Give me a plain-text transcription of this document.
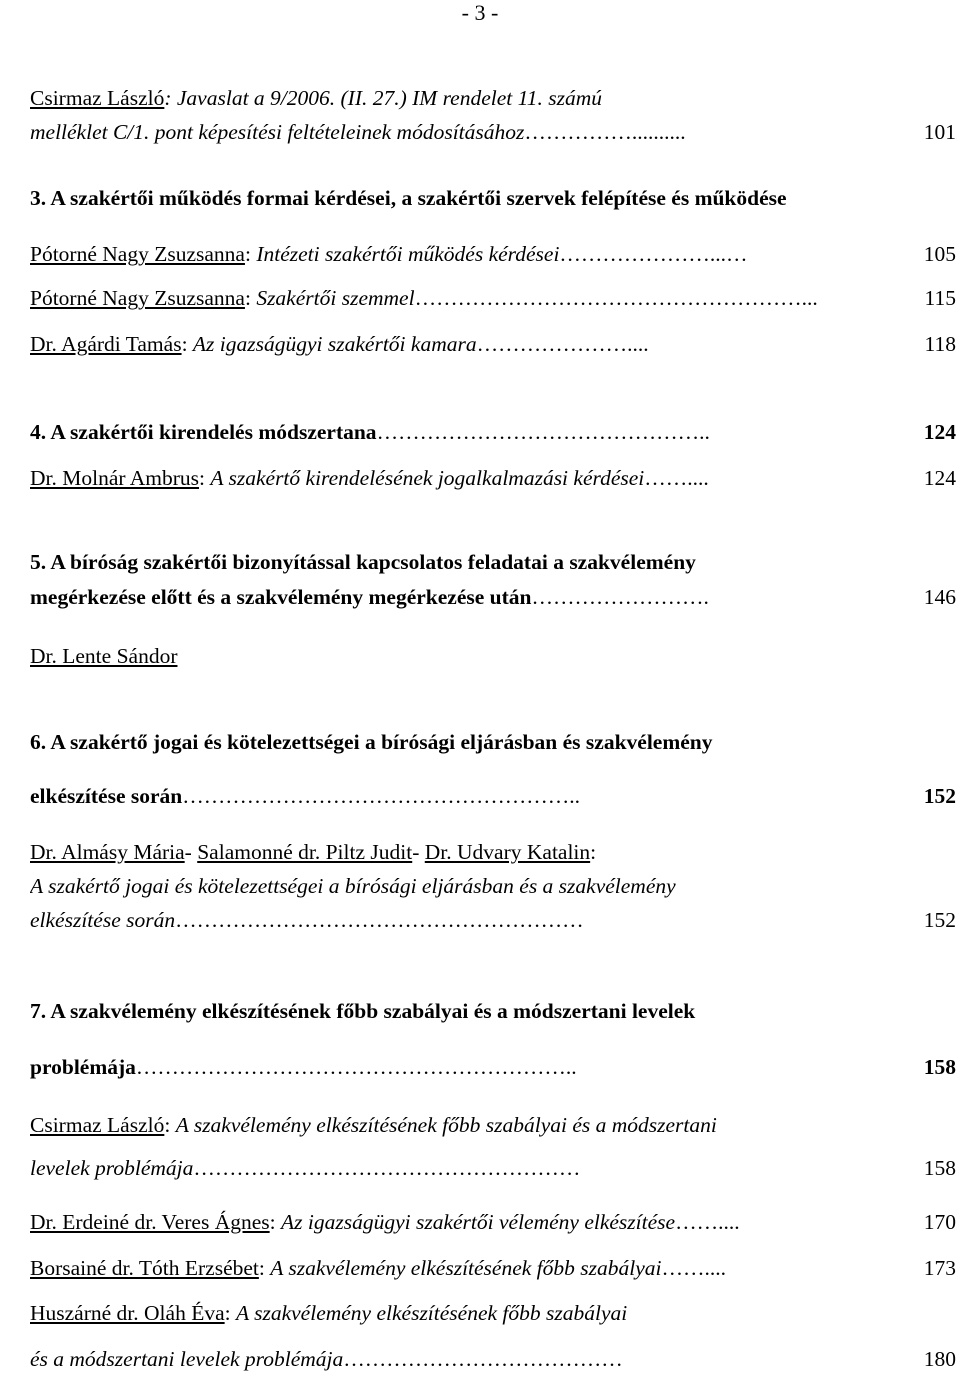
- 3 -
Csirmaz László: Javaslat a 9/2006. (II. 27.) IM rendelet 11. számú
melléklet C/1. pont képesítési feltételeinek módosításához……………..........	101
3. A szakértői működés formai kérdései, a szakértői szervek felépítése és működése
Pótorné Nagy Zsuzsanna: Intézeti szakértői működés kérdései…………………...…	105
Pótorné Nagy Zsuzsanna: Szakértői szemmel………………………………………………...	115
Dr. Agárdi Tamás: Az igazságügyi szakértői kamara…………………....	118
4. A szakértői kirendelés módszertana………………………………………..	124
Dr. Molnár Ambrus: A szakértő kirendelésének jogalkalmazási kérdései……....	124
5. A bíróság szakértői bizonyítással kapcsolatos feladatai a szakvélemény
megérkezése előtt és a szakvélemény megérkezése után…………………….	146
Dr. Lente Sándor
6. A szakértő jogai és kötelezettségei a bírósági eljárásban és szakvélemény
elkészítése során………………………………………………..	152
Dr. Almásy Mária- Salamonné dr. Piltz Judit- Dr. Udvary Katalin:
A szakértő jogai és kötelezettségei a bírósági eljárásban és a szakvélemény
elkészítése során…………………………………………………	152
7. A szakvélemény elkészítésének főbb szabályai és a módszertani levelek
problémája……………………………………………………..	158
Csirmaz László: A szakvélemény elkészítésének főbb szabályai és a módszertani
levelek problémája………………………………………………	158
Dr. Erdeiné dr. Veres Ágnes: Az igazságügyi szakértői vélemény elkészítése……....	170
Borsainé dr. Tóth Erzsébet: A szakvélemény elkészítésének főbb szabályai……....	173
Huszárné dr. Oláh Éva: A szakvélemény elkészítésének főbb szabályai
és a módszertani levelek problémája…………………………………	180
